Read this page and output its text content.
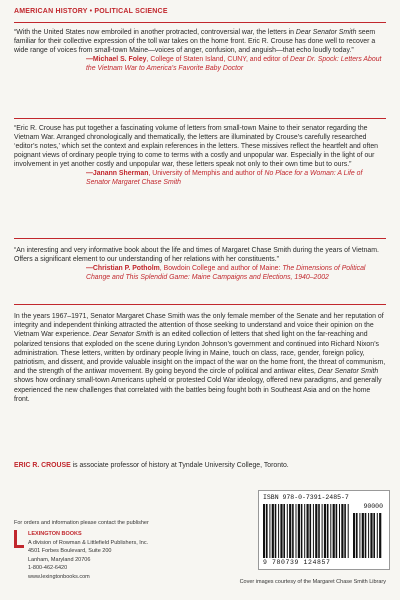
AMERICAN HISTORY • POLITICAL SCIENCE

“With the United States now embroiled in another protracted, controversial war, the letters in Dear Senator Smith seem familiar for their collective expression of the toll war takes on the home front. Eric R. Crouse has done well to recover a wide range of voices from small-town Maine—voices of anger, confusion, and anguish—that echo loudly today.”

—Michael S. Foley, College of Staten Island, CUNY, and editor of Dear Dr. Spock: Letters About the Vietnam War to America’s Favorite Baby Doctor

“Eric R. Crouse has put together a fascinating volume of letters from small-town Maine to their senator regarding the Vietnam War. Arranged chronologically and thematically, the letters are illuminated by Crouse’s carefully researched ‘editor’s notes,’ which set the context and explain references in the letters. These missives reflect the heartfelt and often poignant views of ordinary people trying to come to terms with a costly and unpopular war. Especially in the light of our involvement in yet another costly and unpopular war, these letters speak not only to their own time but to ours.”

—Janann Sherman, University of Memphis and author of No Place for a Woman: A Life of Senator Margaret Chase Smith

“An interesting and very informative book about the life and times of Margaret Chase Smith during the years of Vietnam. Offers a significant element to our understanding of her relations with her constituents.”

—Christian P. Potholm, Bowdoin College and author of Maine: The Dimensions of Political Change and This Splendid Game: Maine Campaigns and Elections, 1940–2002

In the years 1967–1971, Senator Margaret Chase Smith was the only female member of the Senate and her reputation of integrity and independent thinking attracted the attention of those seeking to understand and voice their opinion on the Vietnam War experience. Dear Senator Smith is an edited collection of letters that shed light on the far-reaching and polarized tensions that exploded on the scene during Lyndon Johnson’s government and continued into Richard Nixon’s administration. These letters, written by ordinary people living in Maine, touch on class, race, gender, foreign policy, patriotism, and dissent, and provide valuable insight on the impact of the war on the home front, the threat of communism, and the strength of the antiwar movement. By going beyond the circle of political and antiwar elites, Dear Senator Smith shows how ordinary small-town Americans upheld or protested Cold War ideology, offered new paradigms, and generally experienced the new challenges that correlated with the battles being fought both in Southeast Asia and on the home front.

ERIC R. CROUSE is associate professor of history at Tyndale University College, Toronto.

ISBN 978-0-7391-2485-7
90000
9 780739 124857
For orders and information please contact the publisher
LEXINGTON BOOKS
A division of Rowman & Littlefield Publishers, Inc.
4501 Forbes Boulevard, Suite 200
Lanham, Maryland 20706
1-800-462-6420
www.lexingtonbooks.com
Cover images courtesy of the Margaret Chase Smith Library
